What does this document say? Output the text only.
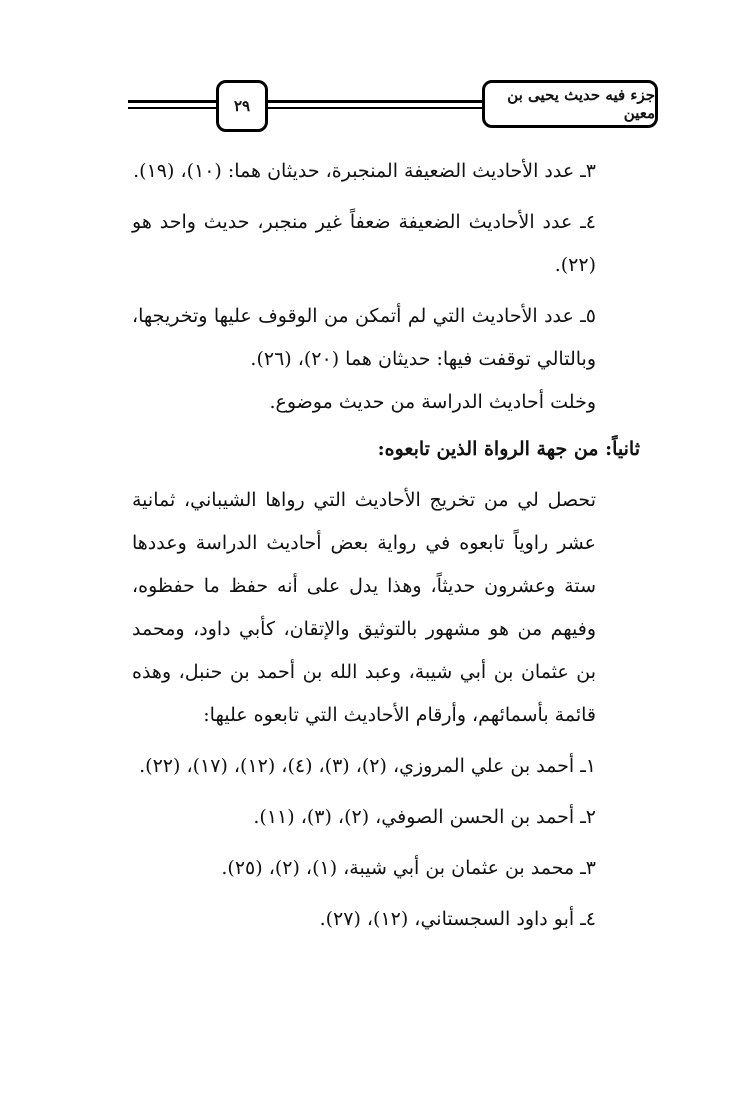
٢٩
جزء فيه حديث يحيى بن معين

٣ـ عدد الأحاديث الضعيفة المنجبرة، حديثان هما: (١٠)، (١٩).

٤ـ عدد الأحاديث الضعيفة ضعفاً غير منجبر، حديث واحد هو (٢٢).

٥ـ عدد الأحاديث التي لم أتمكن من الوقوف عليها وتخريجها، وبالتالي توقفت فيها: حديثان هما (٢٠)، (٢٦).

وخلت أحاديث الدراسة من حديث موضوع.

ثانياً: من جهة الرواة الذين تابعوه:

تحصل لي من تخريج الأحاديث التي رواها الشيباني، ثمانية عشر راوياً تابعوه في رواية بعض أحاديث الدراسة وعددها ستة وعشرون حديثاً، وهذا يدل على أنه حفظ ما حفظوه، وفيهم من هو مشهور بالتوثيق والإتقان، كأبي داود، ومحمد بن عثمان بن أبي شيبة، وعبد الله بن أحمد بن حنبل، وهذه قائمة بأسمائهم، وأرقام الأحاديث التي تابعوه عليها:

١ـ أحمد بن علي المروزي، (٢)، (٣)، (٤)، (١٢)، (١٧)، (٢٢).

٢ـ أحمد بن الحسن الصوفي، (٢)، (٣)، (١١).

٣ـ محمد بن عثمان بن أبي شيبة، (١)، (٢)، (٢٥).

٤ـ أبو داود السجستاني، (١٢)، (٢٧).
